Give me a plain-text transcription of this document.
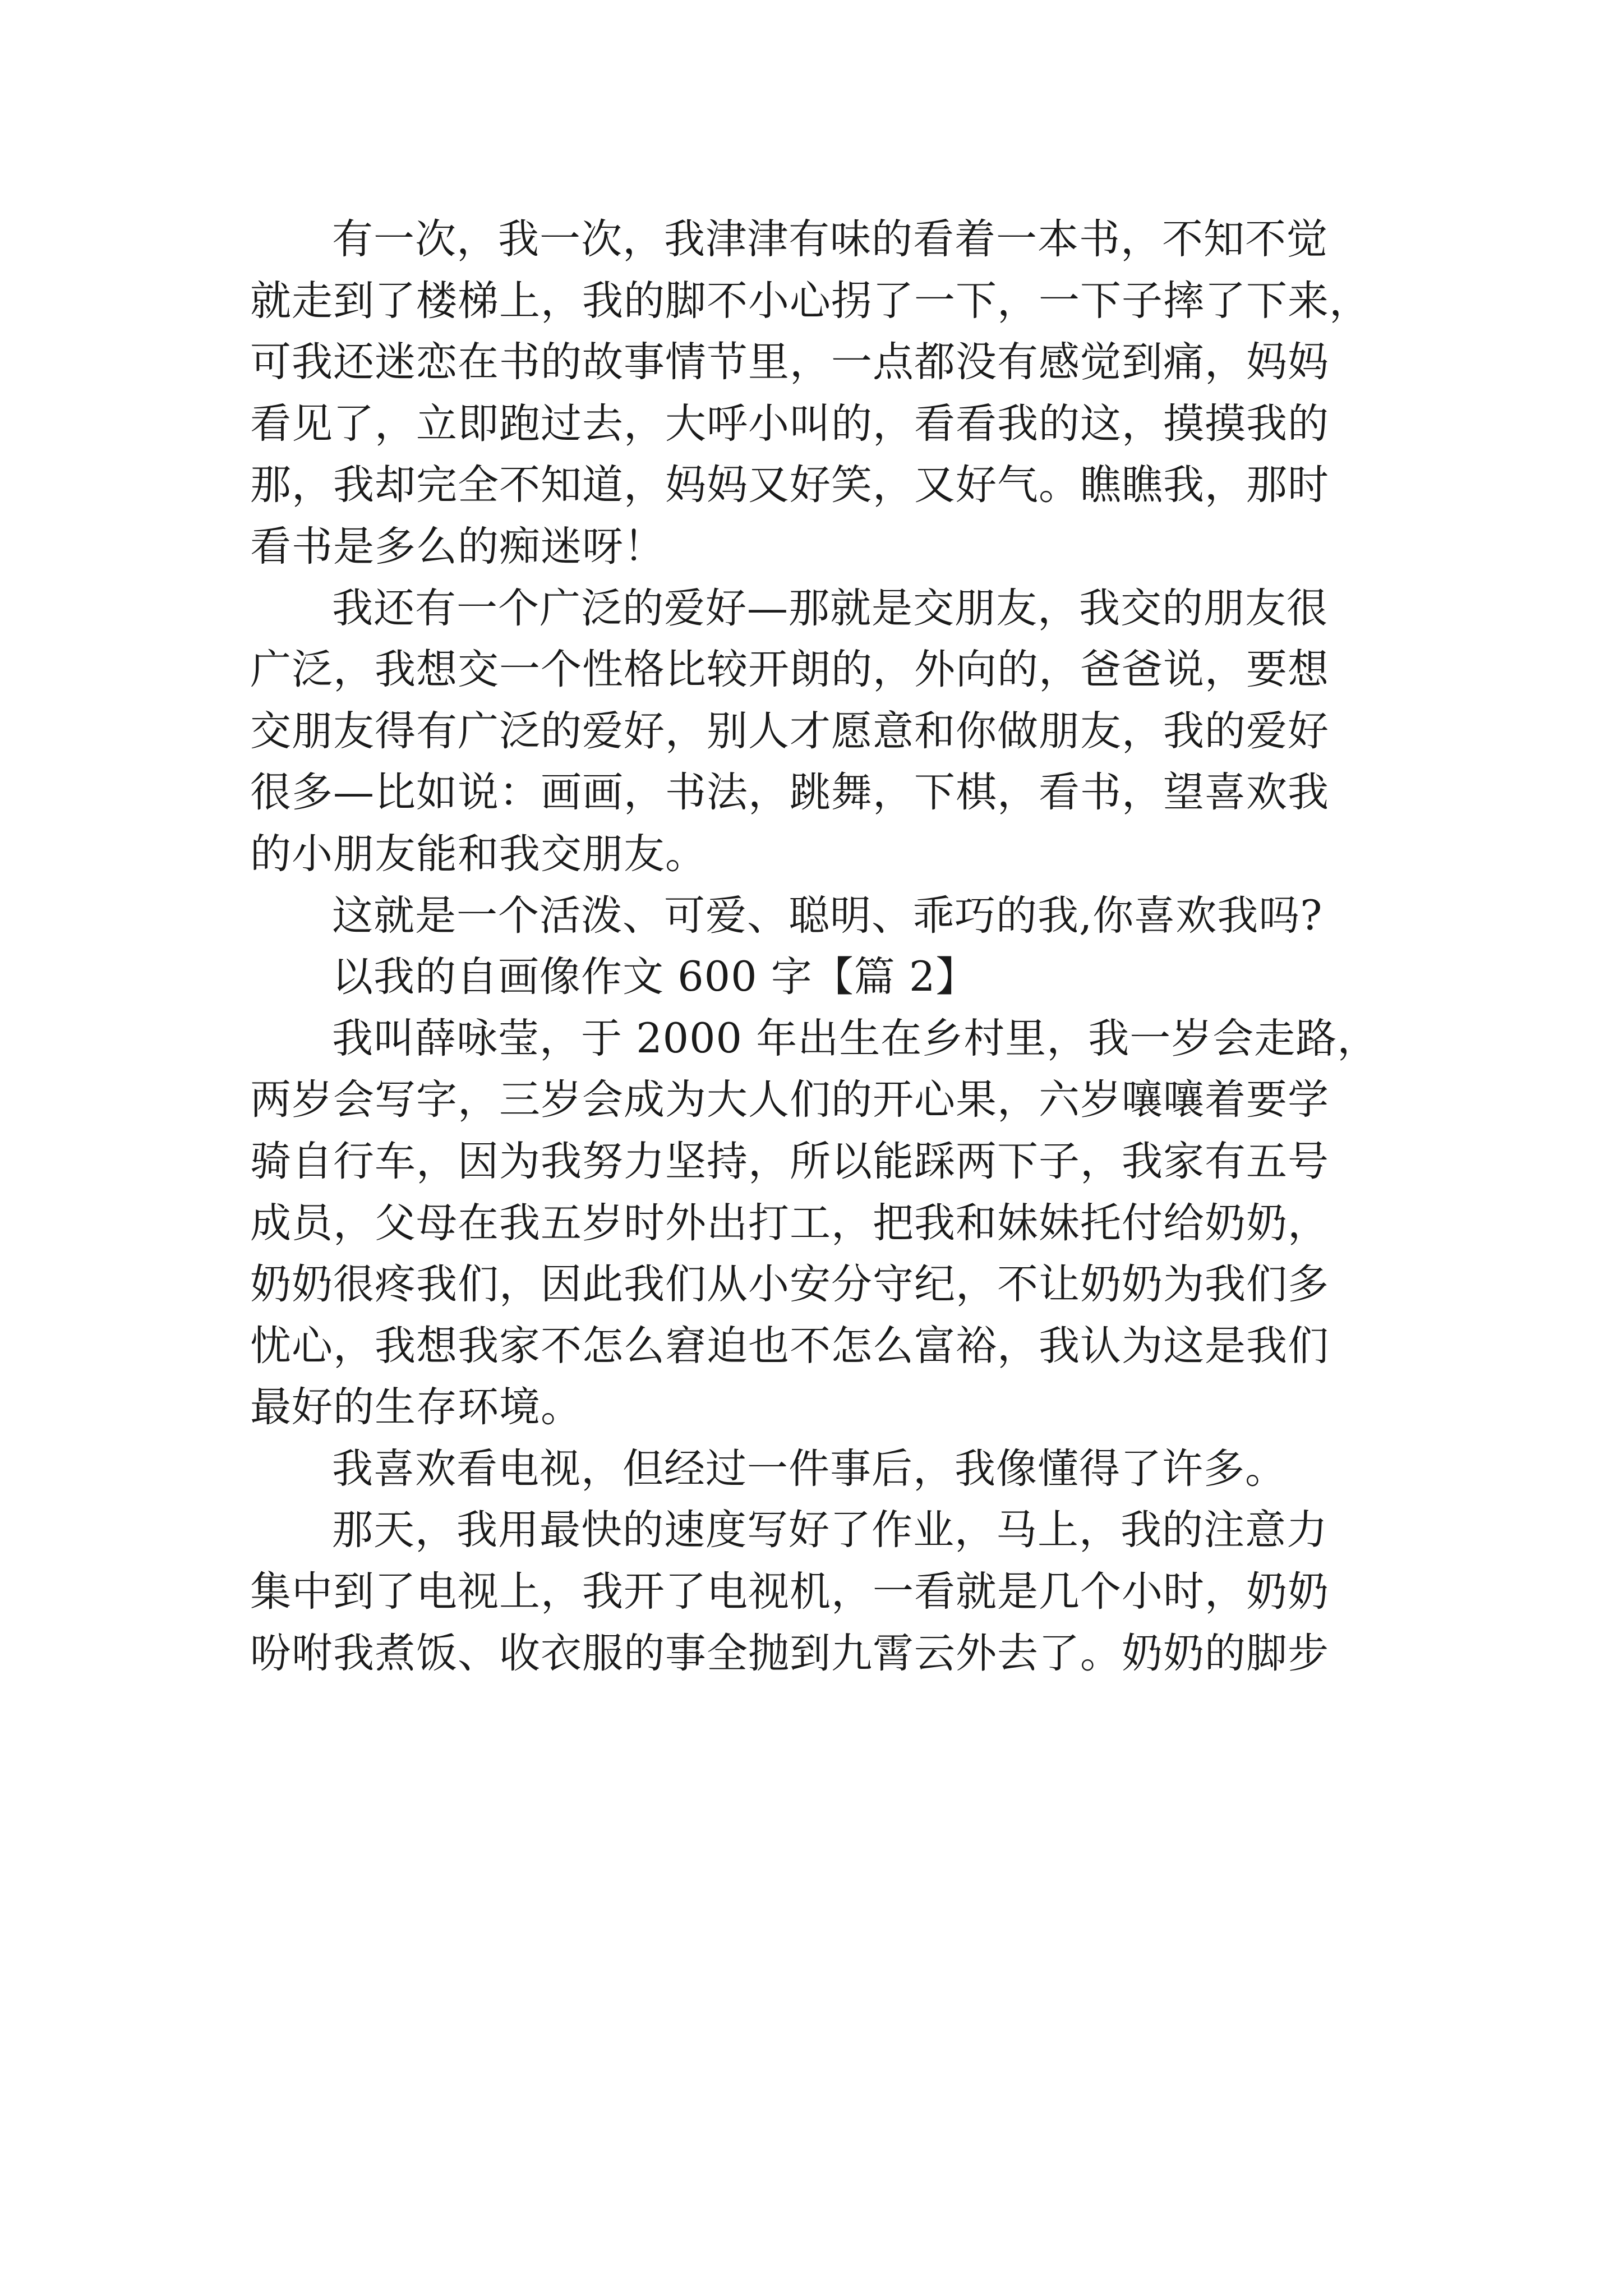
有一次，我一次，我津津有味的看着一本书，不知不觉
就走到了楼梯上，我的脚不小心拐了一下，一下子摔了下来，
可我还迷恋在书的故事情节里，一点都没有感觉到痛，妈妈
看见了，立即跑过去，大呼小叫的，看看我的这，摸摸我的
那，我却完全不知道，妈妈又好笑，又好气。瞧瞧我，那时
看书是多么的痴迷呀！
我还有一个广泛的爱好—那就是交朋友，我交的朋友很
广泛，我想交一个性格比较开朗的，外向的，爸爸说，要想
交朋友得有广泛的爱好，别人才愿意和你做朋友，我的爱好
很多—比如说：画画，书法，跳舞，下棋，看书，望喜欢我
的小朋友能和我交朋友。
这就是一个活泼、可爱、聪明、乖巧的我,你喜欢我吗?
以我的自画像作文 600 字【篇 2】
我叫薛咏莹，于 2000 年出生在乡村里，我一岁会走路，
两岁会写字，三岁会成为大人们的开心果，六岁嚷嚷着要学
骑自行车，因为我努力坚持，所以能踩两下子，我家有五号
成员，父母在我五岁时外出打工，把我和妹妹托付给奶奶，
奶奶很疼我们，因此我们从小安分守纪，不让奶奶为我们多
忧心，我想我家不怎么窘迫也不怎么富裕，我认为这是我们
最好的生存环境。
我喜欢看电视，但经过一件事后，我像懂得了许多。
那天，我用最快的速度写好了作业，马上，我的注意力
集中到了电视上，我开了电视机，一看就是几个小时，奶奶
吩咐我煮饭、收衣服的事全抛到九霄云外去了。奶奶的脚步
